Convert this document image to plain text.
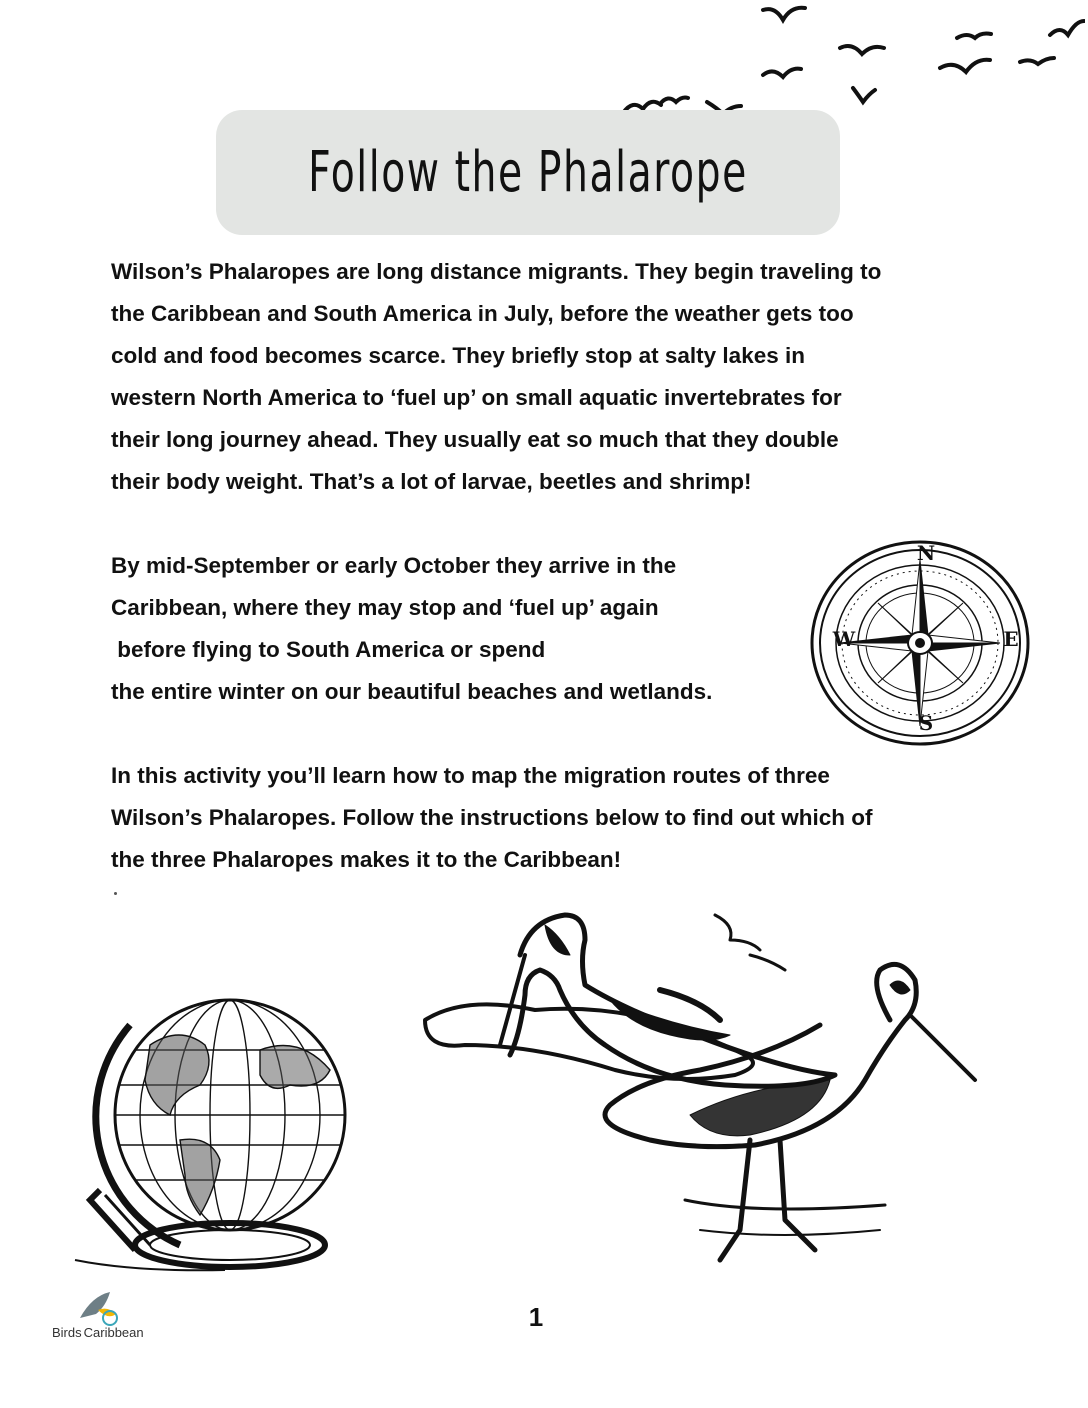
Follow the Phalarope

Wilson’s Phalaropes are long distance migrants. They begin traveling to

the Caribbean and South America in July, before the weather gets too

cold and food becomes scarce. They briefly stop at salty lakes in

western North America to ‘fuel up’ on small aquatic invertebrates for

their long journey ahead. They usually eat so much that they double

their body weight. That’s a lot of larvae, beetles and shrimp!

By mid-September or early October they arrive in the

Caribbean, where they may stop and ‘fuel up’ again

before flying to South America or spend

the entire winter on our beautiful beaches and wetlands.

N
S
E
W

In this activity you’ll learn how to map the migration routes of three

Wilson’s Phalaropes. Follow the instructions below to find out which of

the three Phalaropes makes it to the Caribbean!

1
Birds Caribbean
